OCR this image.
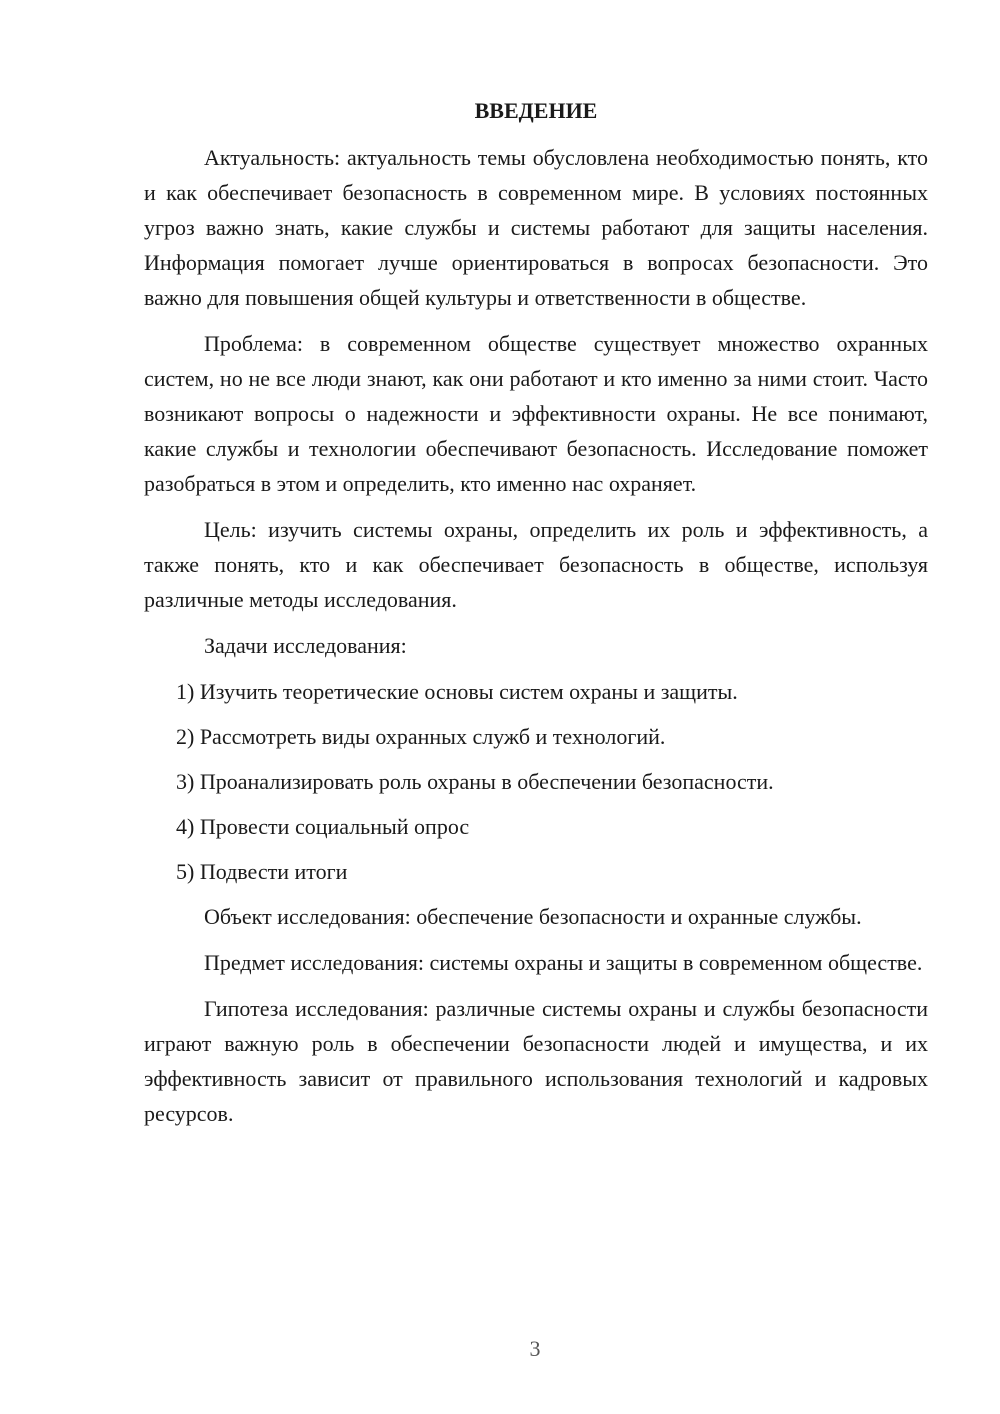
ВВЕДЕНИЕ

Актуальность: актуальность темы обусловлена необходимостью понять, кто и как обеспечивает безопасность в современном мире. В условиях постоянных угроз важно знать, какие службы и системы работают для защиты населения. Информация помогает лучше ориентироваться в вопросах безопасности. Это важно для повышения общей культуры и ответственности в обществе.

Проблема: в современном обществе существует множество охранных систем, но не все люди знают, как они работают и кто именно за ними стоит. Часто возникают вопросы о надежности и эффективности охраны. Не все понимают, какие службы и технологии обеспечивают безопасность. Исследование поможет разобраться в этом и определить, кто именно нас охраняет.

Цель: изучить системы охраны, определить их роль и эффективность, а также понять, кто и как обеспечивает безопасность в обществе, используя различные методы исследования.

Задачи исследования:

1) Изучить теоретические основы систем охраны и защиты.

2) Рассмотреть виды охранных служб и технологий.

3) Проанализировать роль охраны в обеспечении безопасности.

4) Провести социальный опрос

5) Подвести итоги

Объект исследования: обеспечение безопасности и охранные службы.

Предмет исследования: системы охраны и защиты в современном обществе.

Гипотеза исследования: различные системы охраны и службы безопасности играют важную роль в обеспечении безопасности людей и имущества, и их эффективность зависит от правильного использования технологий и кадровых ресурсов.

3
